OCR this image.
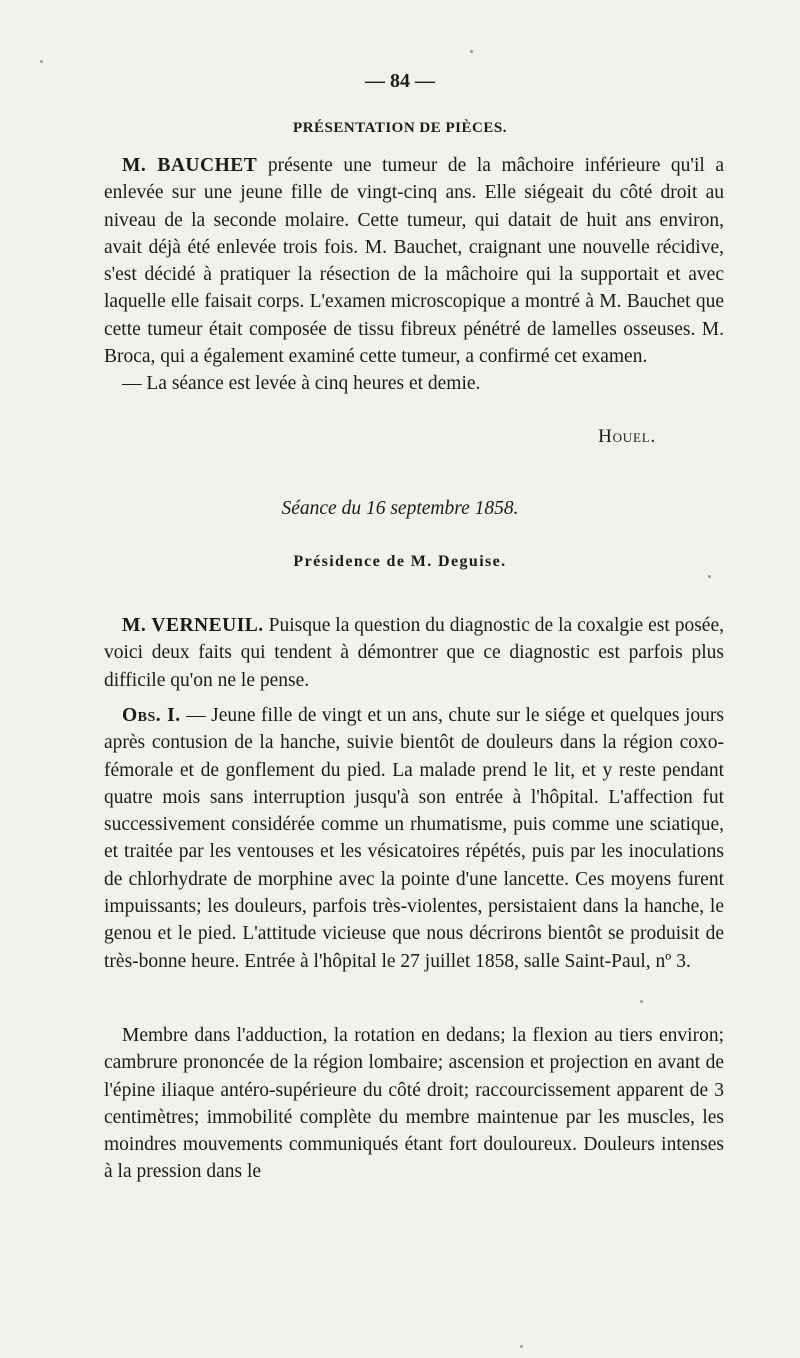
— 84 —
PRÉSENTATION DE PIÈCES.

M. BAUCHET présente une tumeur de la mâchoire inférieure qu'il a enlevée sur une jeune fille de vingt-cinq ans. Elle siégeait du côté droit au niveau de la seconde molaire. Cette tumeur, qui datait de huit ans environ, avait déjà été enlevée trois fois. M. Bauchet, craignant une nouvelle récidive, s'est décidé à pratiquer la résection de la mâchoire qui la supportait et avec laquelle elle faisait corps. L'examen microscopique a montré à M. Bauchet que cette tumeur était composée de tissu fibreux pénétré de lamelles osseuses. M. Broca, qui a également examiné cette tumeur, a confirmé cet examen.

— La séance est levée à cinq heures et demie.

Houel.
Séance du 16 septembre 1858.
Présidence de M. Deguise.

M. VERNEUIL. Puisque la question du diagnostic de la coxalgie est posée, voici deux faits qui tendent à démontrer que ce diagnostic est parfois plus difficile qu'on ne le pense.

Obs. I. — Jeune fille de vingt et un ans, chute sur le siége et quelques jours après contusion de la hanche, suivie bientôt de douleurs dans la région coxo-fémorale et de gonflement du pied. La malade prend le lit, et y reste pendant quatre mois sans interruption jusqu'à son entrée à l'hôpital. L'affection fut successivement considérée comme un rhumatisme, puis comme une sciatique, et traitée par les ventouses et les vésicatoires répétés, puis par les inoculations de chlorhydrate de morphine avec la pointe d'une lancette. Ces moyens furent impuissants; les douleurs, parfois très-violentes, persistaient dans la hanche, le genou et le pied. L'attitude vicieuse que nous décrirons bientôt se produisit de très-bonne heure. Entrée à l'hôpital le 27 juillet 1858, salle Saint-Paul, nº 3.

Membre dans l'adduction, la rotation en dedans; la flexion au tiers environ; cambrure prononcée de la région lombaire; ascension et projection en avant de l'épine iliaque antéro-supérieure du côté droit; raccourcissement apparent de 3 centimètres; immobilité complète du membre maintenue par les muscles, les moindres mouvements communiqués étant fort douloureux. Douleurs intenses à la pression dans le
